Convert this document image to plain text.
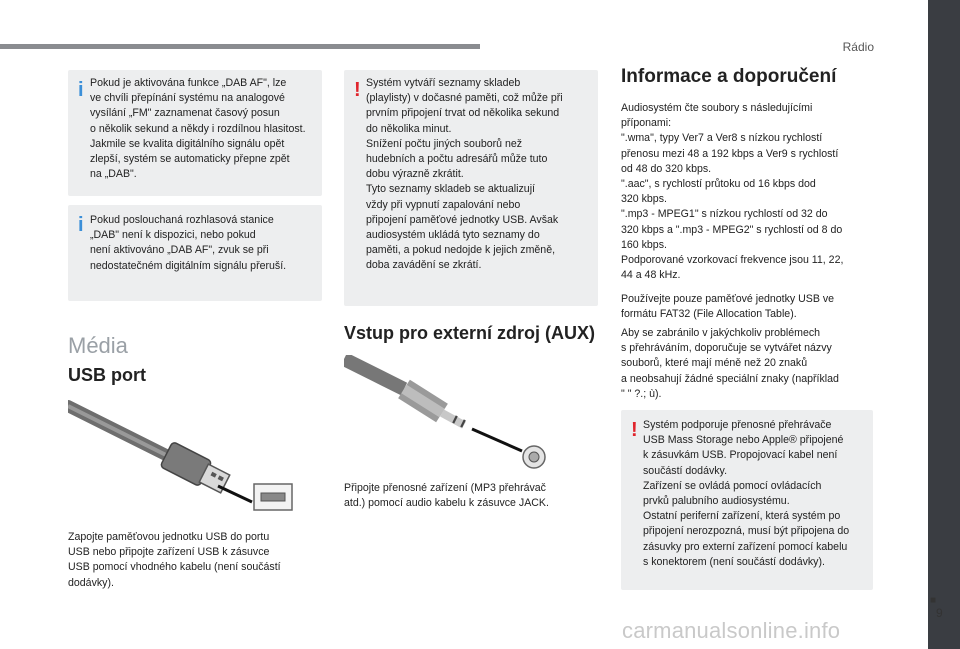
Rádio
■
9
i Pokud je aktivována funkce „DAB AF", lze
ve chvíli přepínání systému na analogové
vysílání „FM" zaznamenat časový posun
o několik sekund a někdy i rozdílnou hlasitost.
Jakmile se kvalita digitálního signálu opět
zlepší, systém se automaticky přepne zpět
na „DAB".
i Pokud poslouchaná rozhlasová stanice
„DAB" není k dispozici, nebo pokud
není aktivováno „DAB AF", zvuk se při
nedostatečném digitálním signálu přeruší.
Média
USB port
Zapojte paměťovou jednotku USB do portu
USB nebo připojte zařízení USB k zásuvce
USB pomocí vhodného kabelu (není součástí
dodávky).
! Systém vytváří seznamy skladeb
(playlisty) v dočasné paměti, což může při
prvním připojení trvat od několika sekund
do několika minut.
Snížení počtu jiných souborů než
hudebních a počtu adresářů může tuto
dobu výrazně zkrátit.
Tyto seznamy skladeb se aktualizují
vždy při vypnutí zapalování nebo
připojení paměťové jednotky USB. Avšak
audiosystém ukládá tyto seznamy do
paměti, a pokud nedojde k jejich změně,
doba zavádění se zkrátí.
Vstup pro externí zdroj (AUX)
Připojte přenosné zařízení (MP3 přehrávač
atd.) pomocí audio kabelu k zásuvce JACK.
Informace a doporučení
Audiosystém čte soubory s následujícími
příponami:
".wma", typy Ver7 a Ver8 s nízkou rychlostí
přenosu mezi 48 a 192 kbps a Ver9 s rychlostí
od 48 do 320 kbps.
".aac", s rychlostí průtoku od 16 kbps dod
320 kbps.
".mp3 - MPEG1" s nízkou rychlostí od 32 do
320 kbps a ".mp3 - MPEG2" s rychlostí od 8 do
160 kbps.
Podporované vzorkovací frekvence jsou 11, 22,
44 a 48 kHz.
Používejte pouze paměťové jednotky USB ve
formátu FAT32 (File Allocation Table).
Aby se zabránilo v jakýchkoliv problémech
s přehráváním, doporučuje se vytvářet názvy
souborů, které mají méně než 20 znaků
a neobsahují žádné speciální znaky (například
" " ?.; ù).
! Systém podporuje přenosné přehrávače
USB Mass Storage nebo Apple® připojené
k zásuvkám USB. Propojovací kabel není
součástí dodávky.
Zařízení se ovládá pomocí ovládacích
prvků palubního audiosystému.
Ostatní periferní zařízení, která systém po
připojení nerozpozná, musí být připojena do
zásuvky pro externí zařízení pomocí kabelu
s konektorem (není součástí dodávky).
carmanualsonline.info
